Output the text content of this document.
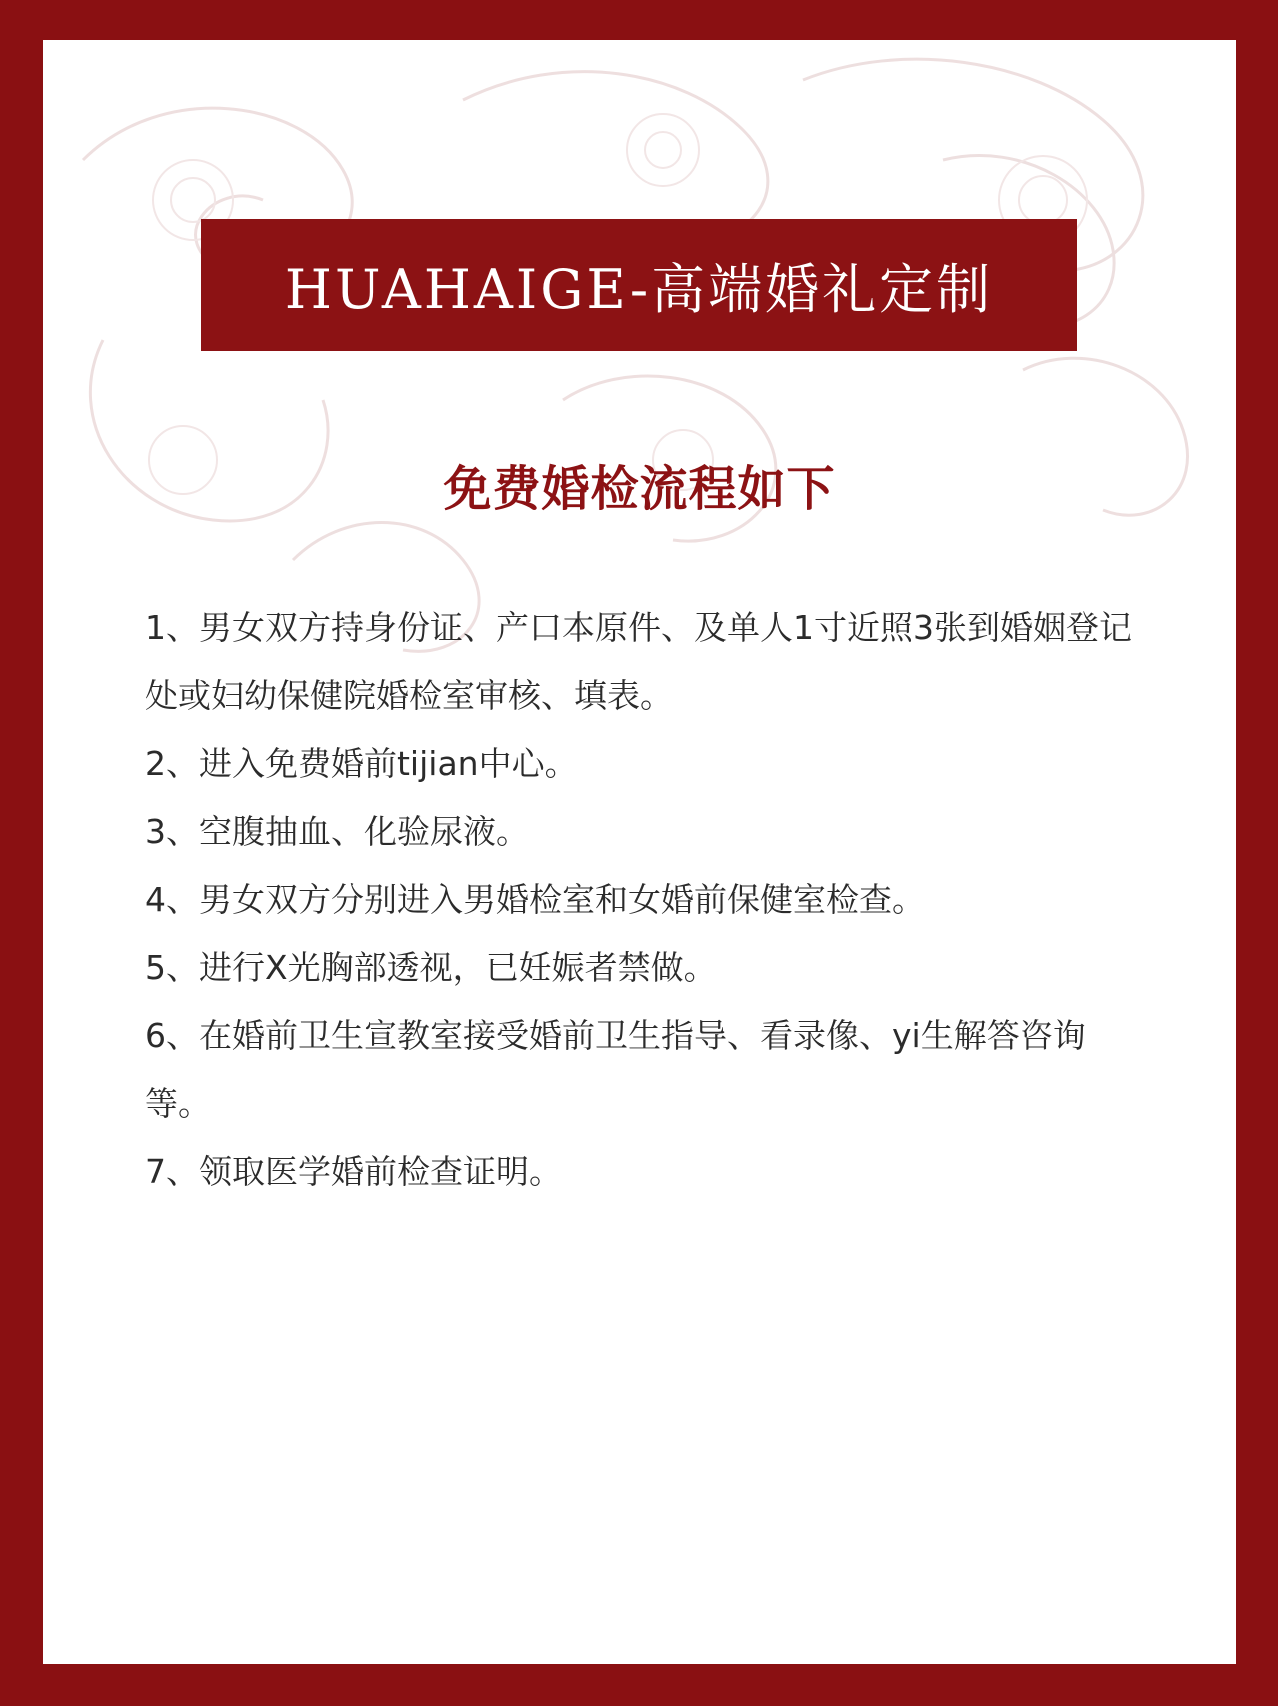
HUAHAIGE-高端婚礼定制
免费婚检流程如下
1、男女双方持身份证、产口本原件、及单人1寸近照3张到婚姻登记处或妇幼保健院婚检室审核、填表。
2、进入免费婚前tijian中心。
3、空腹抽血、化验尿液。
4、男女双方分别进入男婚检室和女婚前保健室检查。
5、进行X光胸部透视，已妊娠者禁做。
6、在婚前卫生宣教室接受婚前卫生指导、看录像、yi生解答咨询等。
7、领取医学婚前检查证明。
